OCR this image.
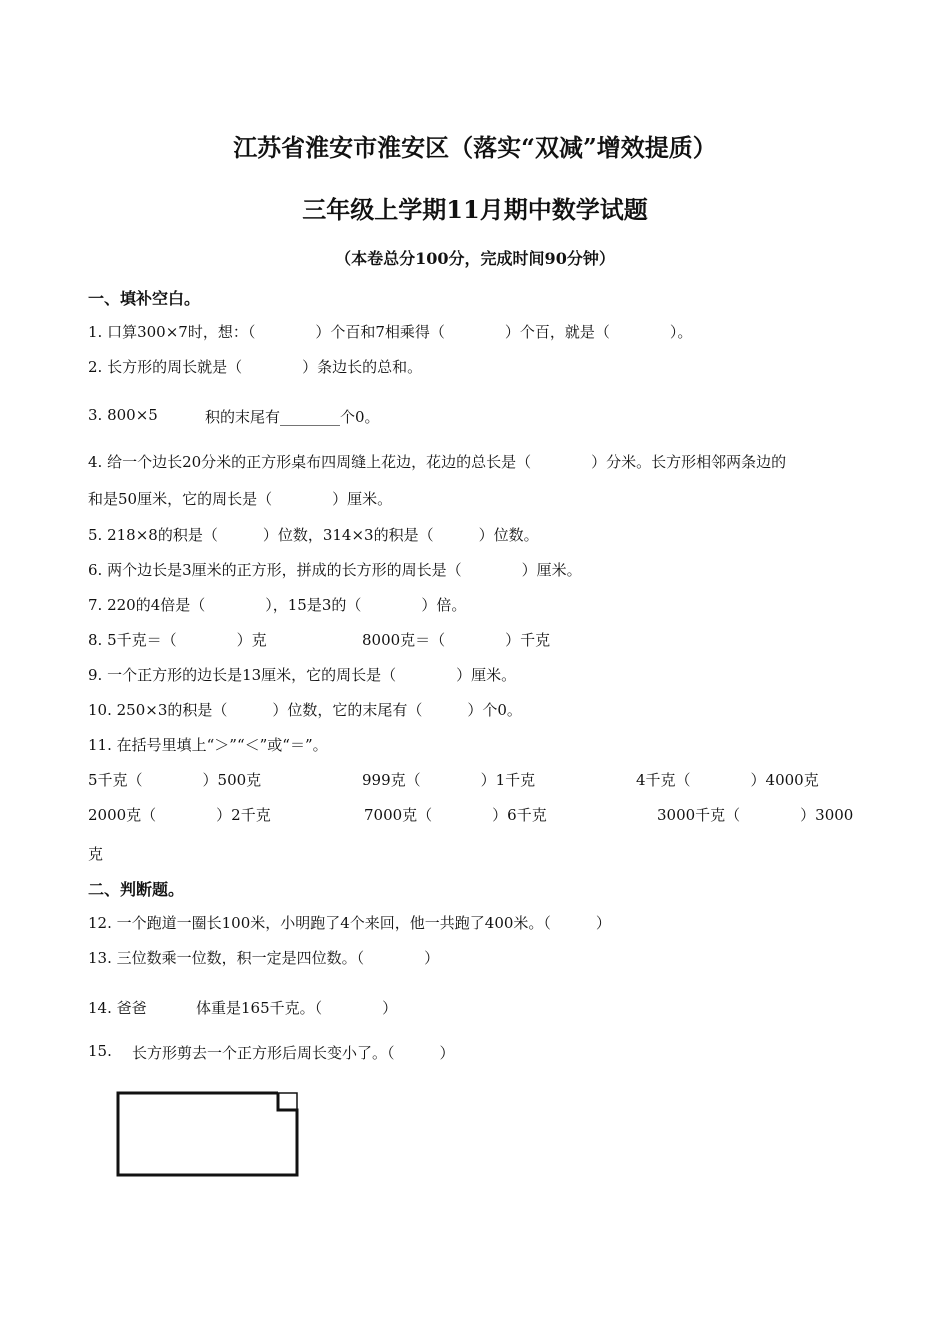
江苏省淮安市淮安区（落实“双减”增效提质）
三年级上学期11月期中数学试题
（本卷总分100分，完成时间90分钟）
一、填补空白。
1. 口算300×7时，想：（　　　　）个百和7相乘得（　　　　）个百，就是（　　　　）。
2. 长方形的周长就是（　　　　）条边长的总和。
3. 800×5	积的末尾有________个0。
4. 给一个边长20分米的正方形桌布四周缝上花边，花边的总长是（　　　　）分米。长方形相邻两条边的
和是50厘米，它的周长是（　　　　）厘米。
5. 218×8的积是（　　　）位数，314×3的积是（　　　）位数。
6. 两个边长是3厘米的正方形，拼成的长方形的周长是（　　　　）厘米。
7. 220的4倍是（　　　　），15是3的（　　　　）倍。
8. 5千克＝（　　　　）克	8000克＝（　　　　）千克
9. 一个正方形的边长是13厘米，它的周长是（　　　　）厘米。
10. 250×3的积是（　　　）位数，它的末尾有（　　　）个0。
11. 在括号里填上“＞”“＜”或“＝”。
5千克（　　　　）500克	999克（　　　　）1千克	4千克（　　　　）4000克
2000克（　　　　）2千克	7000克（　　　　）6千克	3000千克（　　　　）3000
克
二、判断题。
12. 一个跑道一圈长100米，小明跑了4个来回，他一共跑了400米。（　　　）
13. 三位数乘一位数，积一定是四位数。（　　　　）
14. 爸爸	体重是165千克。（　　　　）
15. 长方形剪去一个正方形后周长变小了。（　　　）
